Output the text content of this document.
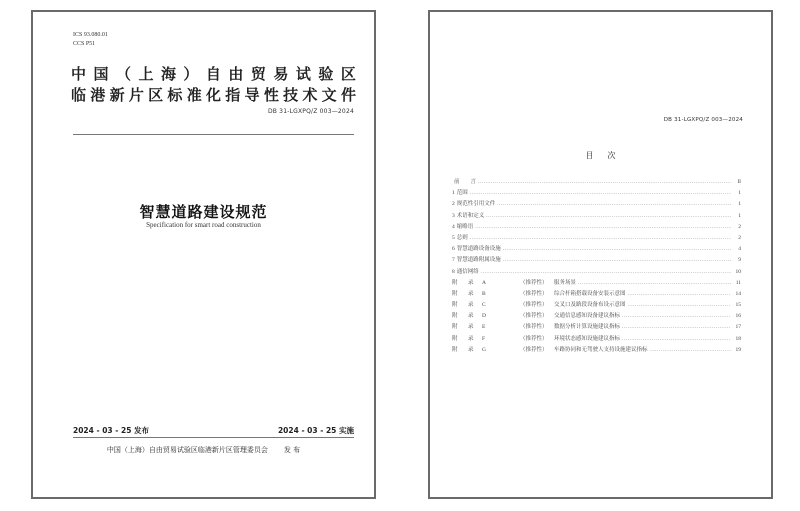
ICS 93.080.01
CCS P51
中 国 （ 上 海 ） 自 由 贸 易 试 验 区
临 港 新 片 区 标 准 化 指 导 性 技 术 文 件
DB 31-LGXPQ/Z 003—2024
智慧道路建设规范
Specification for smart road construction
2024 - 03 - 25 发布	2024 - 03 - 25 实施
中国（上海）自由贸易试验区临港新片区管理委员会 发 布
DB 31-LGXPQ/Z 003—2024
目次
前　　言 .....	II
1 范围 .....	1
2 规范性引用文件 .....	1
3 术语和定义 .....	1
4 缩略语 .....	2
5 总则 .....	2
6 智慧道路设备设施 .....	4
7 智慧道路附属设施 .....	9
8 通信网络 .....	10
附	录	A	（推荐性）	服务场景 .....	11
附	录	B	（推荐性）	综合杆箱搭载设备安装示意图 .....	14
附	录	C	（推荐性）	交叉口及路段设备布设示意图 .....	15
附	录	D	（推荐性）	交通信息感知设备建议指标 .....	16
附	录	E	（推荐性）	数据分析计算设施建议指标 .....	17
附	录	F	（推荐性）	环境状态感知设施建议指标 .....	18
附	录	G	（推荐性）	车路协同和无驾驶人支持设施建议指标 .....	19
